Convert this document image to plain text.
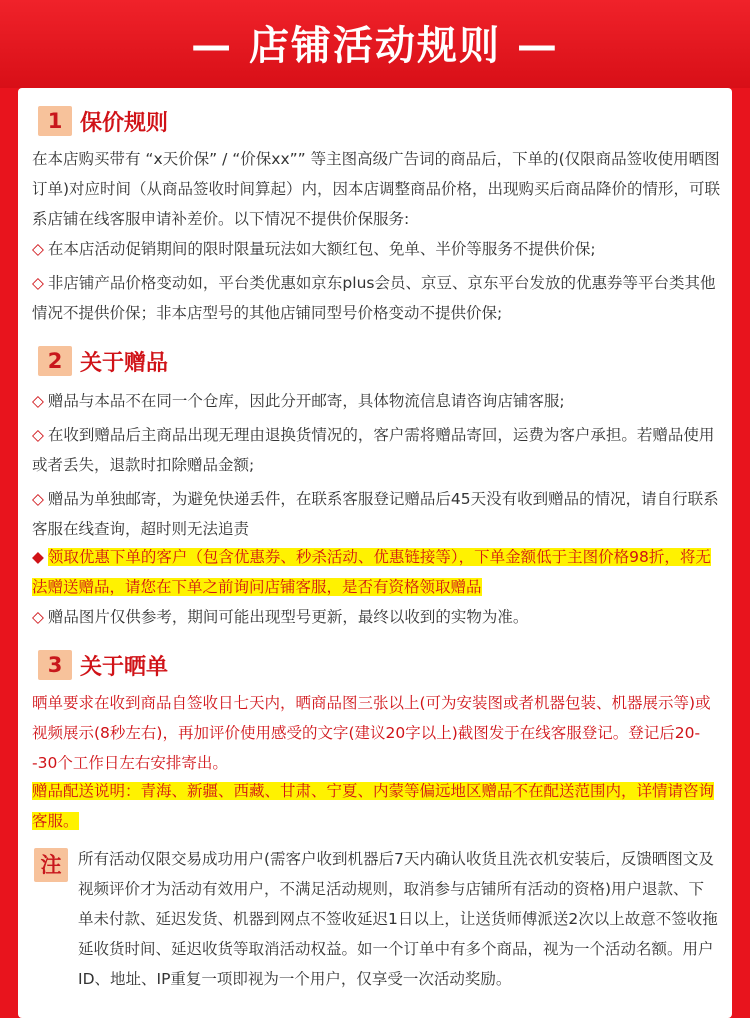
— 店铺活动规则 —
1 保价规则
在本店购买带有 “x天价保” / “价保xx”” 等主图高级广告词的商品后，下单的(仅限商品签收使用晒图订单)对应时间（从商品签收时间算起）内，因本店调整商品价格，出现购买后商品降价的情形，可联系店铺在线客服申请补差价。以下情况不提供价保服务:
◇ 在本店活动促销期间的限时限量玩法如大额红包、免单、半价等服务不提供价保;
◇ 非店铺产品价格变动如，平台类优惠如京东plus会员、京豆、京东平台发放的优惠券等平台类其他情况不提供价保；非本店型号的其他店铺同型号价格变动不提供价保;
2 关于赠品
◇ 赠品与本品不在同一个仓库，因此分开邮寄，具体物流信息请咨询店铺客服;
◇ 在收到赠品后主商品出现无理由退换货情况的，客户需将赠品寄回，运费为客户承担。若赠品使用或者丢失，退款时扣除赠品金额;
◇ 赠品为单独邮寄，为避免快递丢件，在联系客服登记赠品后45天没有收到赠品的情况，请自行联系客服在线查询，超时则无法追责
◆ 领取优惠下单的客户（包含优惠券、秒杀活动、优惠链接等），下单金额低于主图价格98折，将无法赠送赠品，请您在下单之前询问店铺客服，是否有资格领取赠品
◇ 赠品图片仅供参考，期间可能出现型号更新，最终以收到的实物为准。
3 关于晒单
晒单要求在收到商品自签收日七天内，晒商品图三张以上(可为安装图或者机器包装、机器展示等)或视频展示(8秒左右)，再加评价使用感受的文字(建议20字以上)截图发于在线客服登记。登记后20--30个工作日左右安排寄出。
赠品配送说明：青海、新疆、西藏、甘肃、宁夏、内蒙等偏远地区赠品不在配送范围内，详情请咨询客服。
注	所有活动仅限交易成功用户(需客户收到机器后7天内确认收货且洗衣机安装后，反馈晒图文及视频评价才为活动有效用户，不满足活动规则，取消参与店铺所有活动的资格)用户退款、下单未付款、延迟发货、机器到网点不签收延迟1日以上，让送货师傅派送2次以上故意不签收拖延收货时间、延迟收货等取消活动权益。如一个订单中有多个商品，视为一个活动名额。用户ID、地址、IP重复一项即视为一个用户，仅享受一次活动奖励。
